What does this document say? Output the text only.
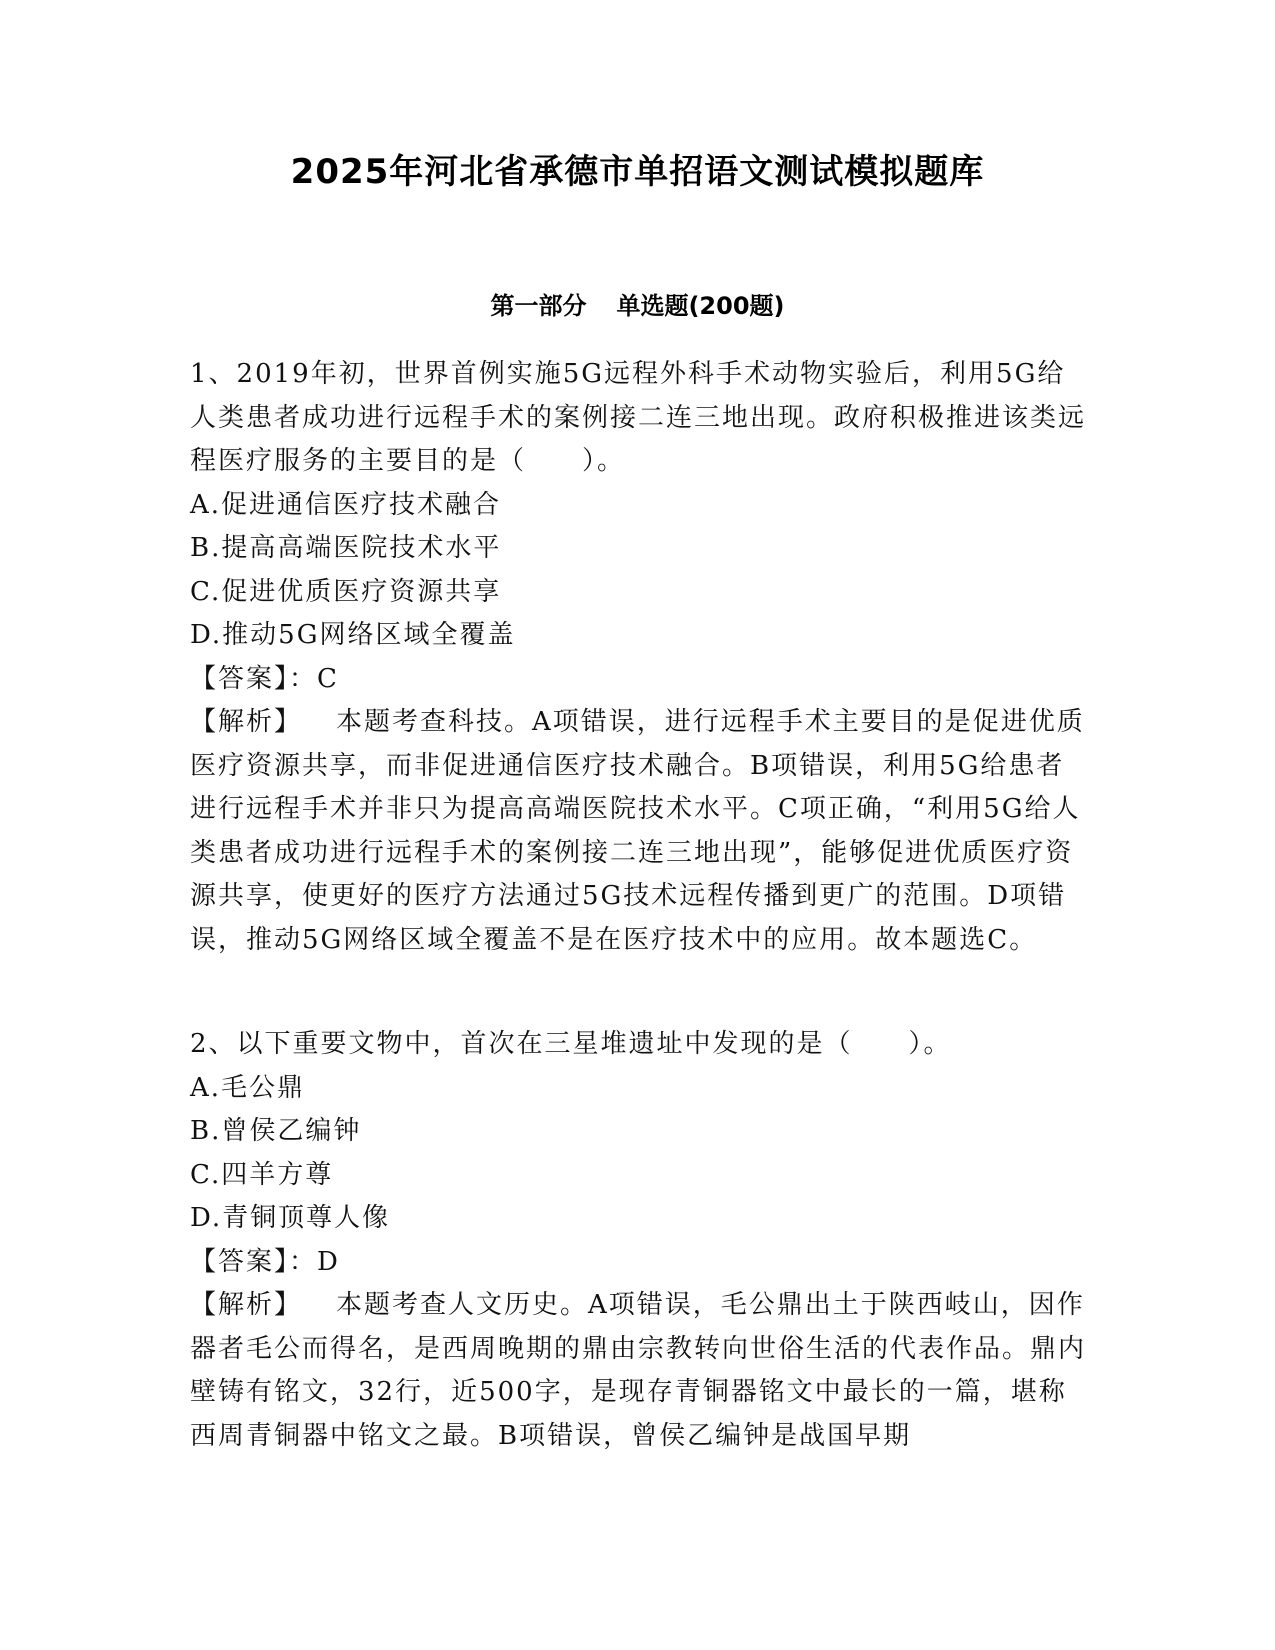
2025年河北省承德市单招语文测试模拟题库
第一部分 单选题(200题)

1、2019年初，世界首例实施5G远程外科手术动物实验后，利用5G给人类患者成功进行远程手术的案例接二连三地出现。政府积极推进该类远程医疗服务的主要目的是（　　）。

A.促进通信医疗技术融合

B.提高高端医院技术水平

C.促进优质医疗资源共享

D.推动5G网络区域全覆盖

【答案】：C

【解析】 本题考查科技。A项错误，进行远程手术主要目的是促进优质医疗资源共享，而非促进通信医疗技术融合。B项错误，利用5G给患者进行远程手术并非只为提高高端医院技术水平。C项正确，“利用5G给人类患者成功进行远程手术的案例接二连三地出现”，能够促进优质医疗资源共享，使更好的医疗方法通过5G技术远程传播到更广的范围。D项错误，推动5G网络区域全覆盖不是在医疗技术中的应用。故本题选C。

2、以下重要文物中，首次在三星堆遗址中发现的是（　　）。

A.毛公鼎

B.曾侯乙编钟

C.四羊方尊

D.青铜顶尊人像

【答案】：D

【解析】 本题考查人文历史。A项错误，毛公鼎出土于陕西岐山，因作器者毛公而得名，是西周晚期的鼎由宗教转向世俗生活的代表作品。鼎内壁铸有铭文，32行，近500字，是现存青铜器铭文中最长的一篇，堪称西周青铜器中铭文之最。B项错误，曾侯乙编钟是战国早期
